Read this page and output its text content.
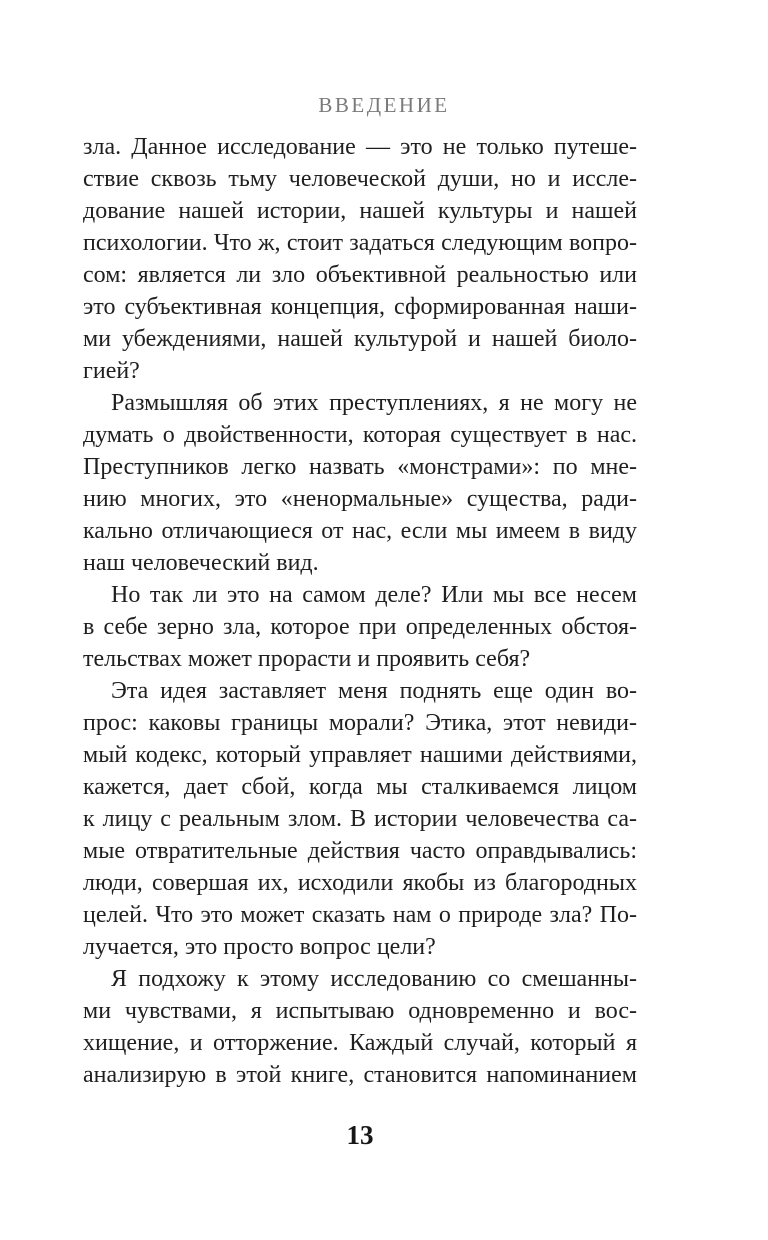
ВВЕДЕНИЕ
зла. Данное исследование — это не только путеше-
ствие сквозь тьму человеческой души, но и иссле-
дование нашей истории, нашей культуры и нашей
психологии. Что ж, стоит задаться следующим вопро-
сом: является ли зло объективной реальностью или
это субъективная концепция, сформированная наши-
ми убеждениями, нашей культурой и нашей биоло-
гией?
Размышляя об этих преступлениях, я не могу не
думать о двойственности, которая существует в нас.
Преступников легко назвать «монстрами»: по мне-
нию многих, это «ненормальные» существа, ради-
кально отличающиеся от нас, если мы имеем в виду
наш человеческий вид.
Но так ли это на самом деле? Или мы все несем
в себе зерно зла, которое при определенных обстоя-
тельствах может прорасти и проявить себя?
Эта идея заставляет меня поднять еще один во-
прос: каковы границы морали? Этика, этот невиди-
мый кодекс, который управляет нашими действиями,
кажется, дает сбой, когда мы сталкиваемся лицом
к лицу с реальным злом. В истории человечества са-
мые отвратительные действия часто оправдывались:
люди, совершая их, исходили якобы из благородных
целей. Что это может сказать нам о природе зла? По-
лучается, это просто вопрос цели?
Я подхожу к этому исследованию со смешанны-
ми чувствами, я испытываю одновременно и вос-
хищение, и отторжение. Каждый случай, который я
анализирую в этой книге, становится напоминанием
13
